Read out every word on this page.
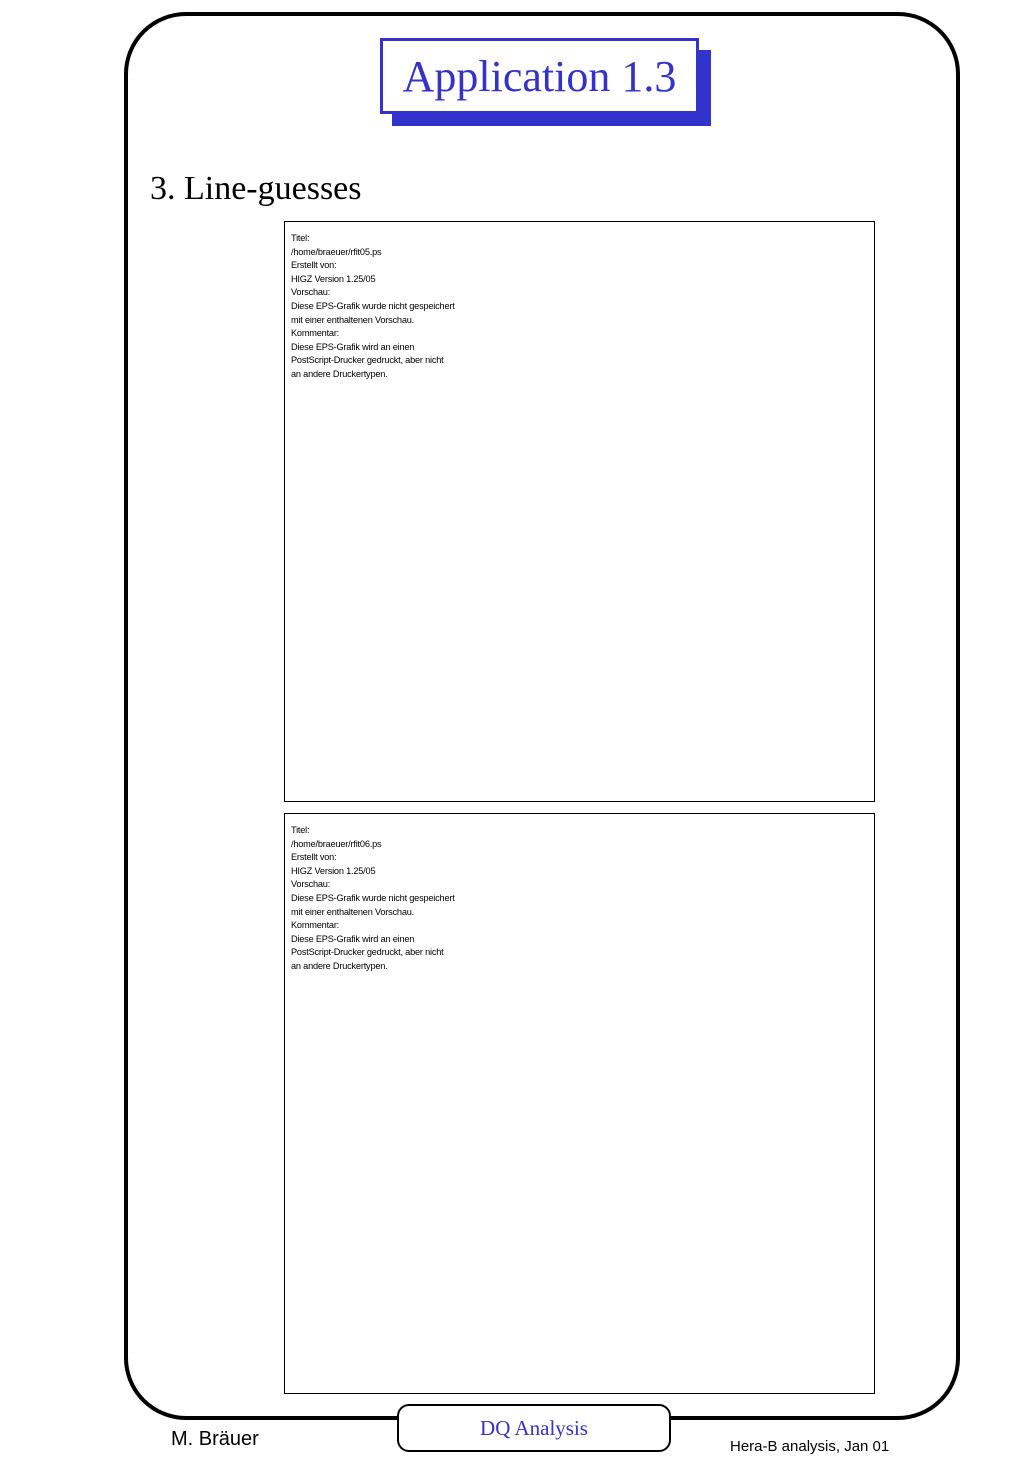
Application 1.3
3. Line-guesses
Titel:
/home/braeuer/rfit05.ps
Erstellt von:
HIGZ Version 1.25/05
Vorschau:
Diese EPS-Grafik wurde nicht gespeichert
mit einer enthaltenen Vorschau.
Kommentar:
Diese EPS-Grafik wird an einen
PostScript-Drucker gedruckt, aber nicht
an andere Druckertypen.
Titel:
/home/braeuer/rfit06.ps
Erstellt von:
HIGZ Version 1.25/05
Vorschau:
Diese EPS-Grafik wurde nicht gespeichert
mit einer enthaltenen Vorschau.
Kommentar:
Diese EPS-Grafik wird an einen
PostScript-Drucker gedruckt, aber nicht
an andere Druckertypen.
M. Bräuer	DQ Analysis
Hera-B analysis, Jan 01
